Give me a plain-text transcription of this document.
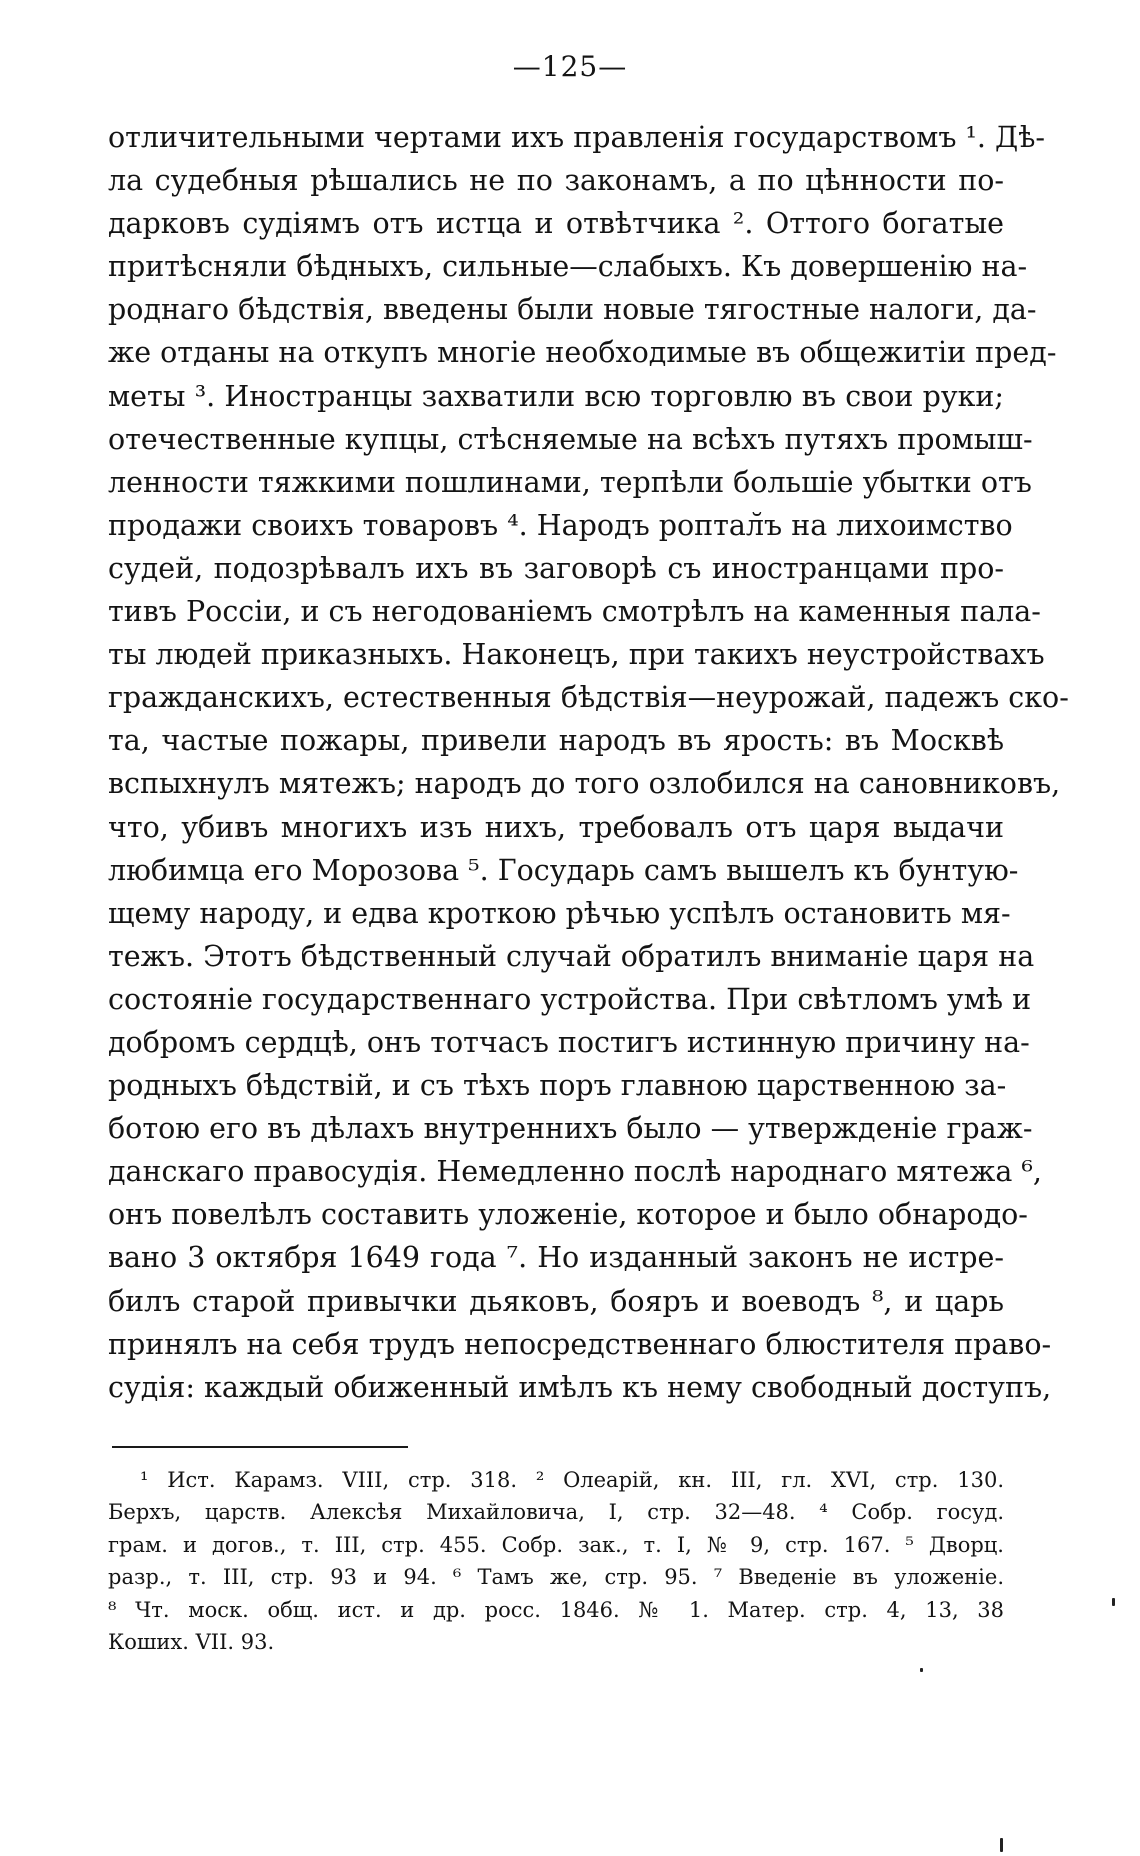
—125—
отличительными чертами ихъ правленія государствомъ ¹. Дѣ-
ла судебныя рѣшались не по законамъ, а по цѣнности по-
дарковъ судіямъ отъ истца и отвѣтчика ². Оттого богатые
притѣсняли бѣдныхъ, сильные—слабыхъ. Къ довершенію на-
роднаго бѣдствія, введены были новые тягостные налоги, да-
же отданы на откупъ многіе необходимые въ общежитіи пред-
меты ³. Иностранцы захватили всю торговлю въ свои руки;
отечественные купцы, стѣсняемые на всѣхъ путяхъ промыш-
ленности тяжкими пошлинами, терпѣли большіе убытки отъ
продажи своихъ товаровъ ⁴. Народъ роптал̆ъ на лихоимство
судей, подозрѣвалъ ихъ въ заговорѣ съ иностранцами про-
тивъ Россіи, и съ негодованіемъ смотрѣлъ на каменныя пала-
ты людей приказныхъ. Наконецъ, при такихъ неустройствахъ
гражданскихъ, естественныя бѣдствія—неурожай, падежъ ско-
та, частые пожары, привели народъ въ ярость: въ Москвѣ
вспыхнулъ мятежъ; народъ до того озлобился на сановниковъ,
что, убивъ многихъ изъ нихъ, требовалъ отъ царя выдачи
любимца его Морозова ⁵. Государь самъ вышелъ къ бунтую-
щему народу, и едва кроткою рѣчью успѣлъ остановить мя-
тежъ. Этотъ бѣдственный случай обратилъ вниманіе царя на
состояніе государственнаго устройства. При свѣтломъ умѣ и
добромъ сердцѣ, онъ тотчасъ постигъ истинную причину на-
родныхъ бѣдствій, и съ тѣхъ поръ главною царственною за-
ботою его въ дѣлахъ внутреннихъ было — утвержденіе граж-
данскаго правосудія. Немедленно послѣ народнаго мятежа ⁶,
онъ повелѣлъ составить уложеніе, которое и было обнародо-
вано 3 октября 1649 года ⁷. Но изданный законъ не истре-
билъ старой привычки дьяковъ, бояръ и воеводъ ⁸, и царь
принялъ на себя трудъ непосредственнаго блюстителя право-
судія: каждый обиженный имѣлъ къ нему свободный доступъ,
¹ Ист. Карамз. VIII, стр. 318. ² Олеарій, кн. III, гл. XVI, стр. 130.
Берхъ, царств. Алексѣя Михайловича, I, стр. 32—48. ⁴ Собр. госуд.
грам. и догов., т. III, стр. 455. Собр. зак., т. I, № 9, стр. 167. ⁵ Дворц.
разр., т. III, стр. 93 и 94. ⁶ Тамъ же, стр. 95. ⁷ Введеніе въ уложеніе.
⁸ Чт. моск. общ. ист. и др. росс. 1846. № 1. Матер. стр. 4, 13, 38
Коших. VII. 93.
